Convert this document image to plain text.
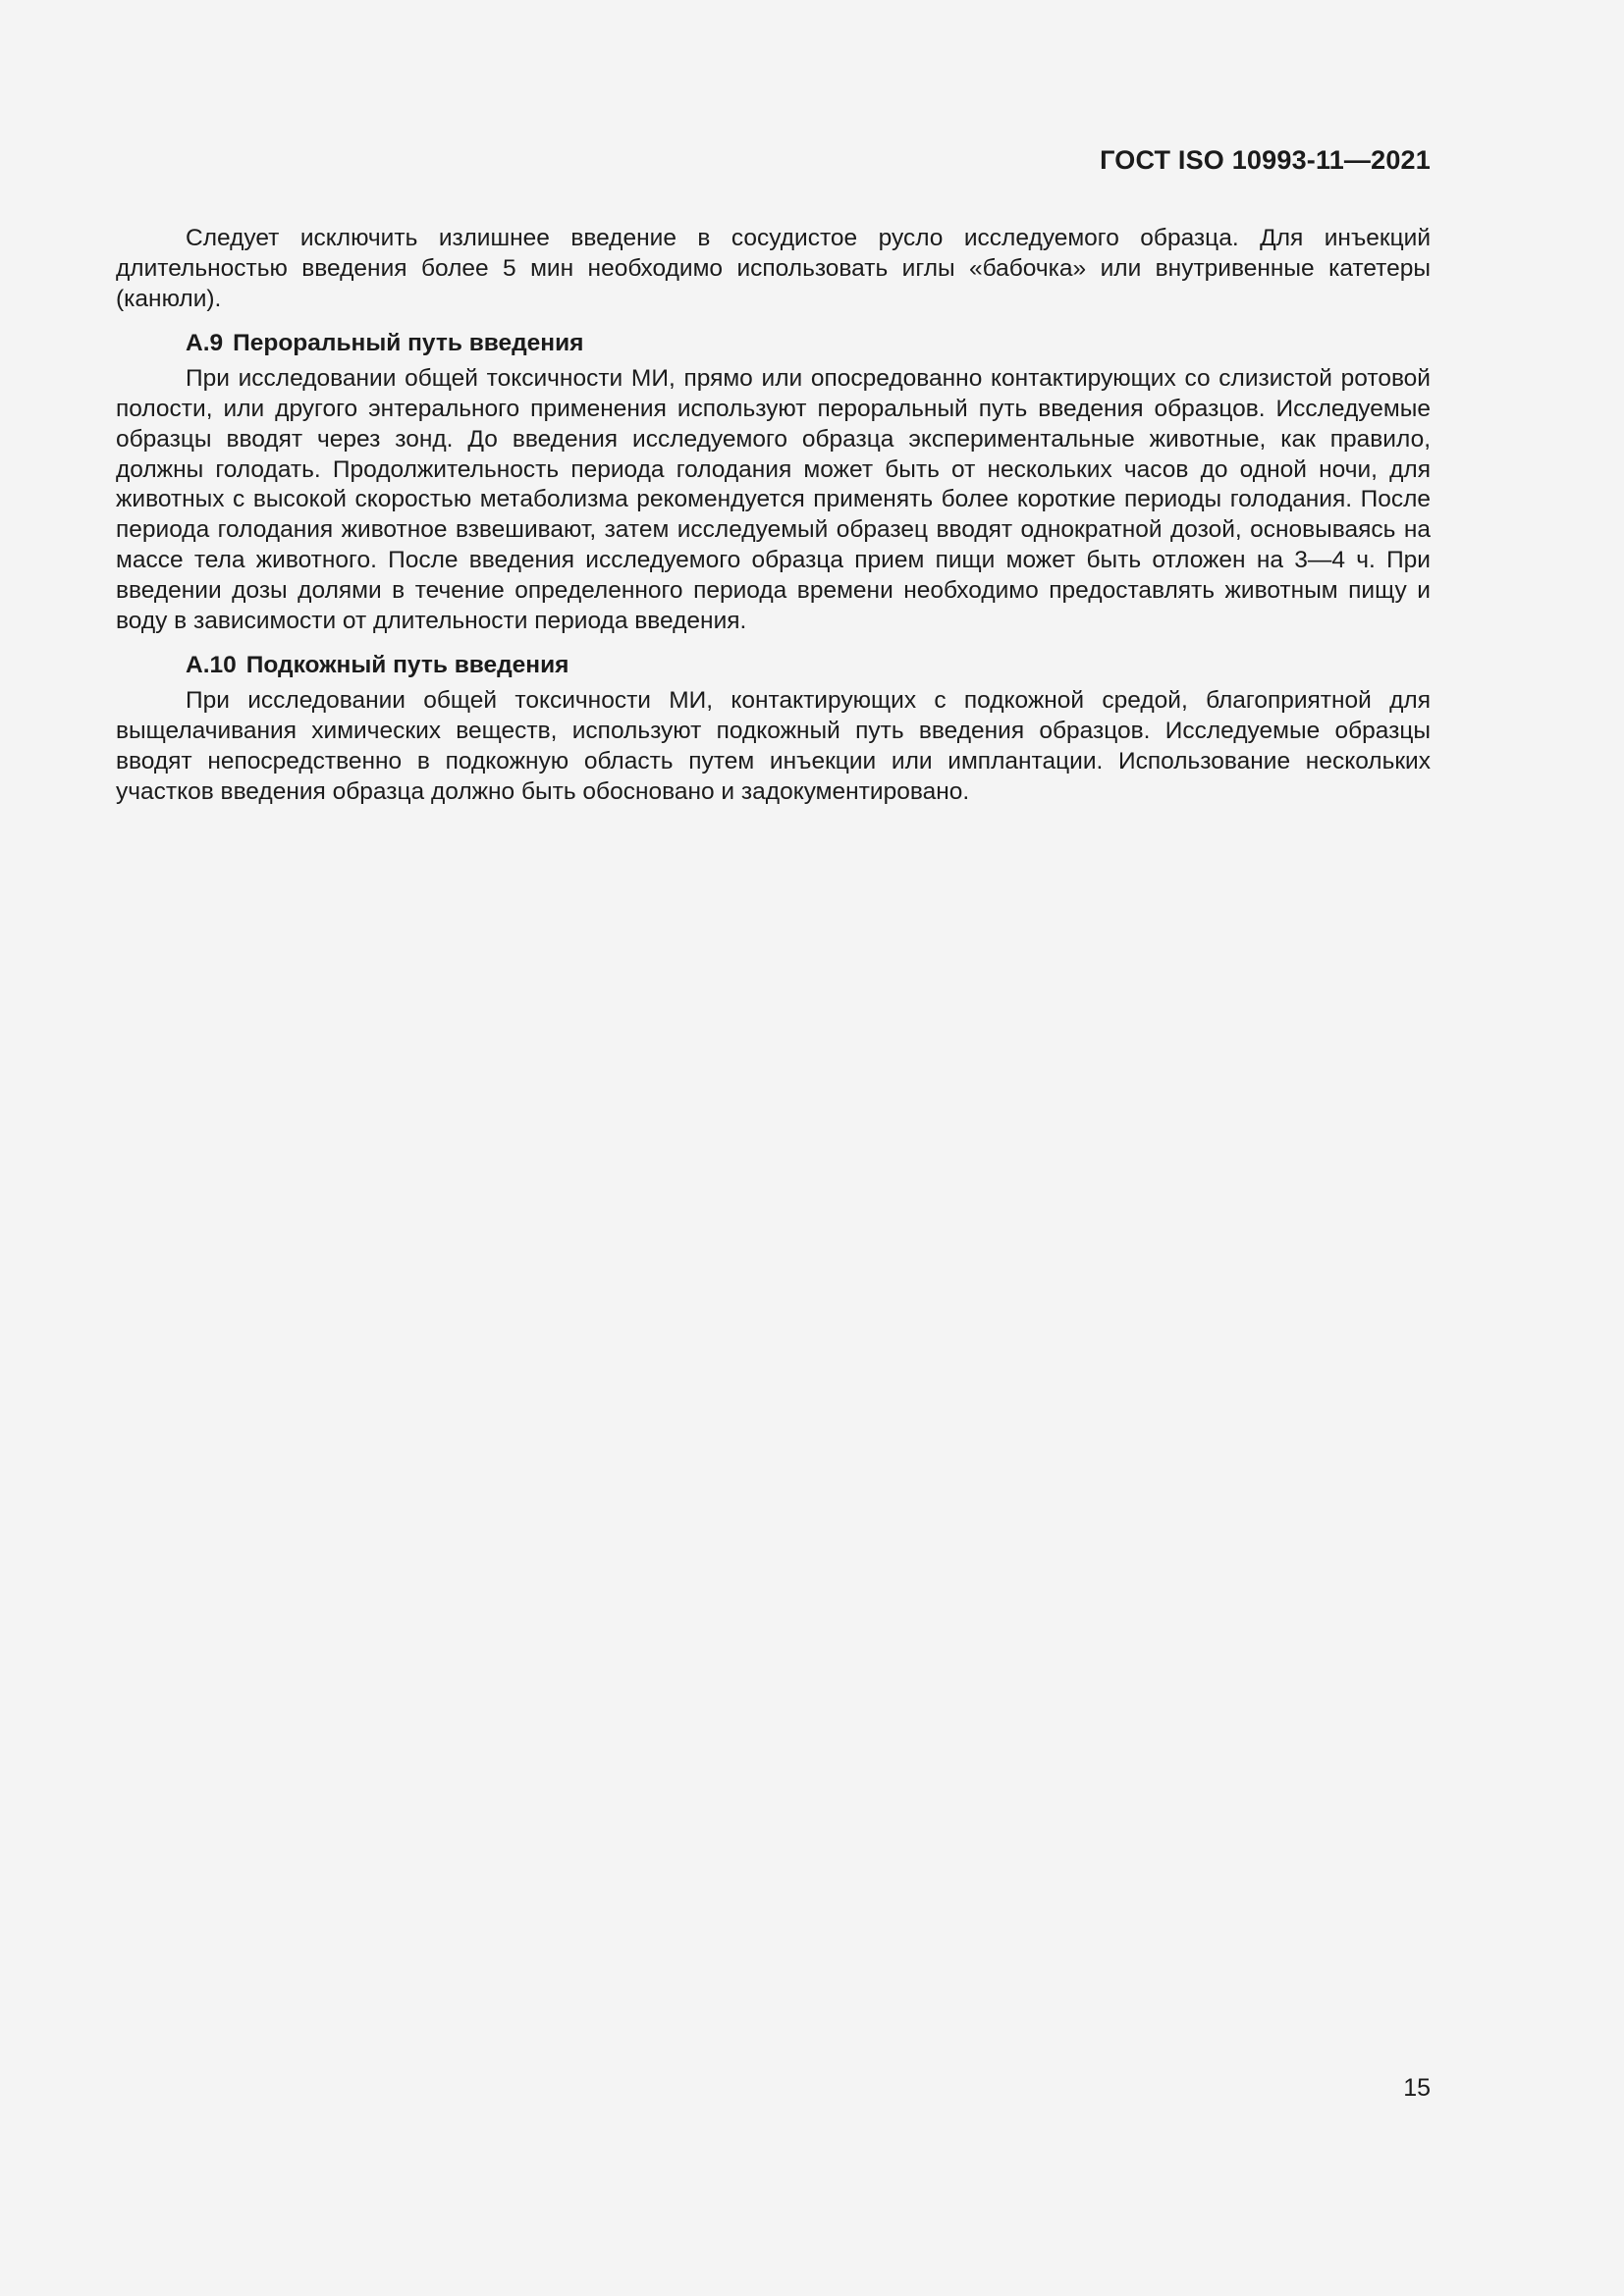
ГОСТ ISO 10993-11—2021

Следует исключить излишнее введение в сосудистое русло исследуемого образца. Для инъекций длительностью введения более 5 мин необходимо использовать иглы «бабочка» или внутривенные катетеры (канюли).

А.9 Пероральный путь введения

При исследовании общей токсичности МИ, прямо или опосредованно контактирующих со слизистой ротовой полости, или другого энтерального применения используют пероральный путь введения образцов. Исследуемые образцы вводят через зонд. До введения исследуемого образца экспериментальные животные, как правило, должны голодать. Продолжительность периода голодания может быть от нескольких часов до одной ночи, для животных с высокой скоростью метаболизма рекомендуется применять более короткие периоды голодания. После периода голодания животное взвешивают, затем исследуемый образец вводят однократной дозой, основываясь на массе тела животного. После введения исследуемого образца прием пищи может быть отложен на 3—4 ч. При введении дозы долями в течение определенного периода времени необходимо предоставлять животным пищу и воду в зависимости от длительности периода введения.

А.10 Подкожный путь введения

При исследовании общей токсичности МИ, контактирующих с подкожной средой, благоприятной для выщелачивания химических веществ, используют подкожный путь введения образцов. Исследуемые образцы вводят непосредственно в подкожную область путем инъекции или имплантации. Использование нескольких участков введения образца должно быть обосновано и задокументировано.

15
